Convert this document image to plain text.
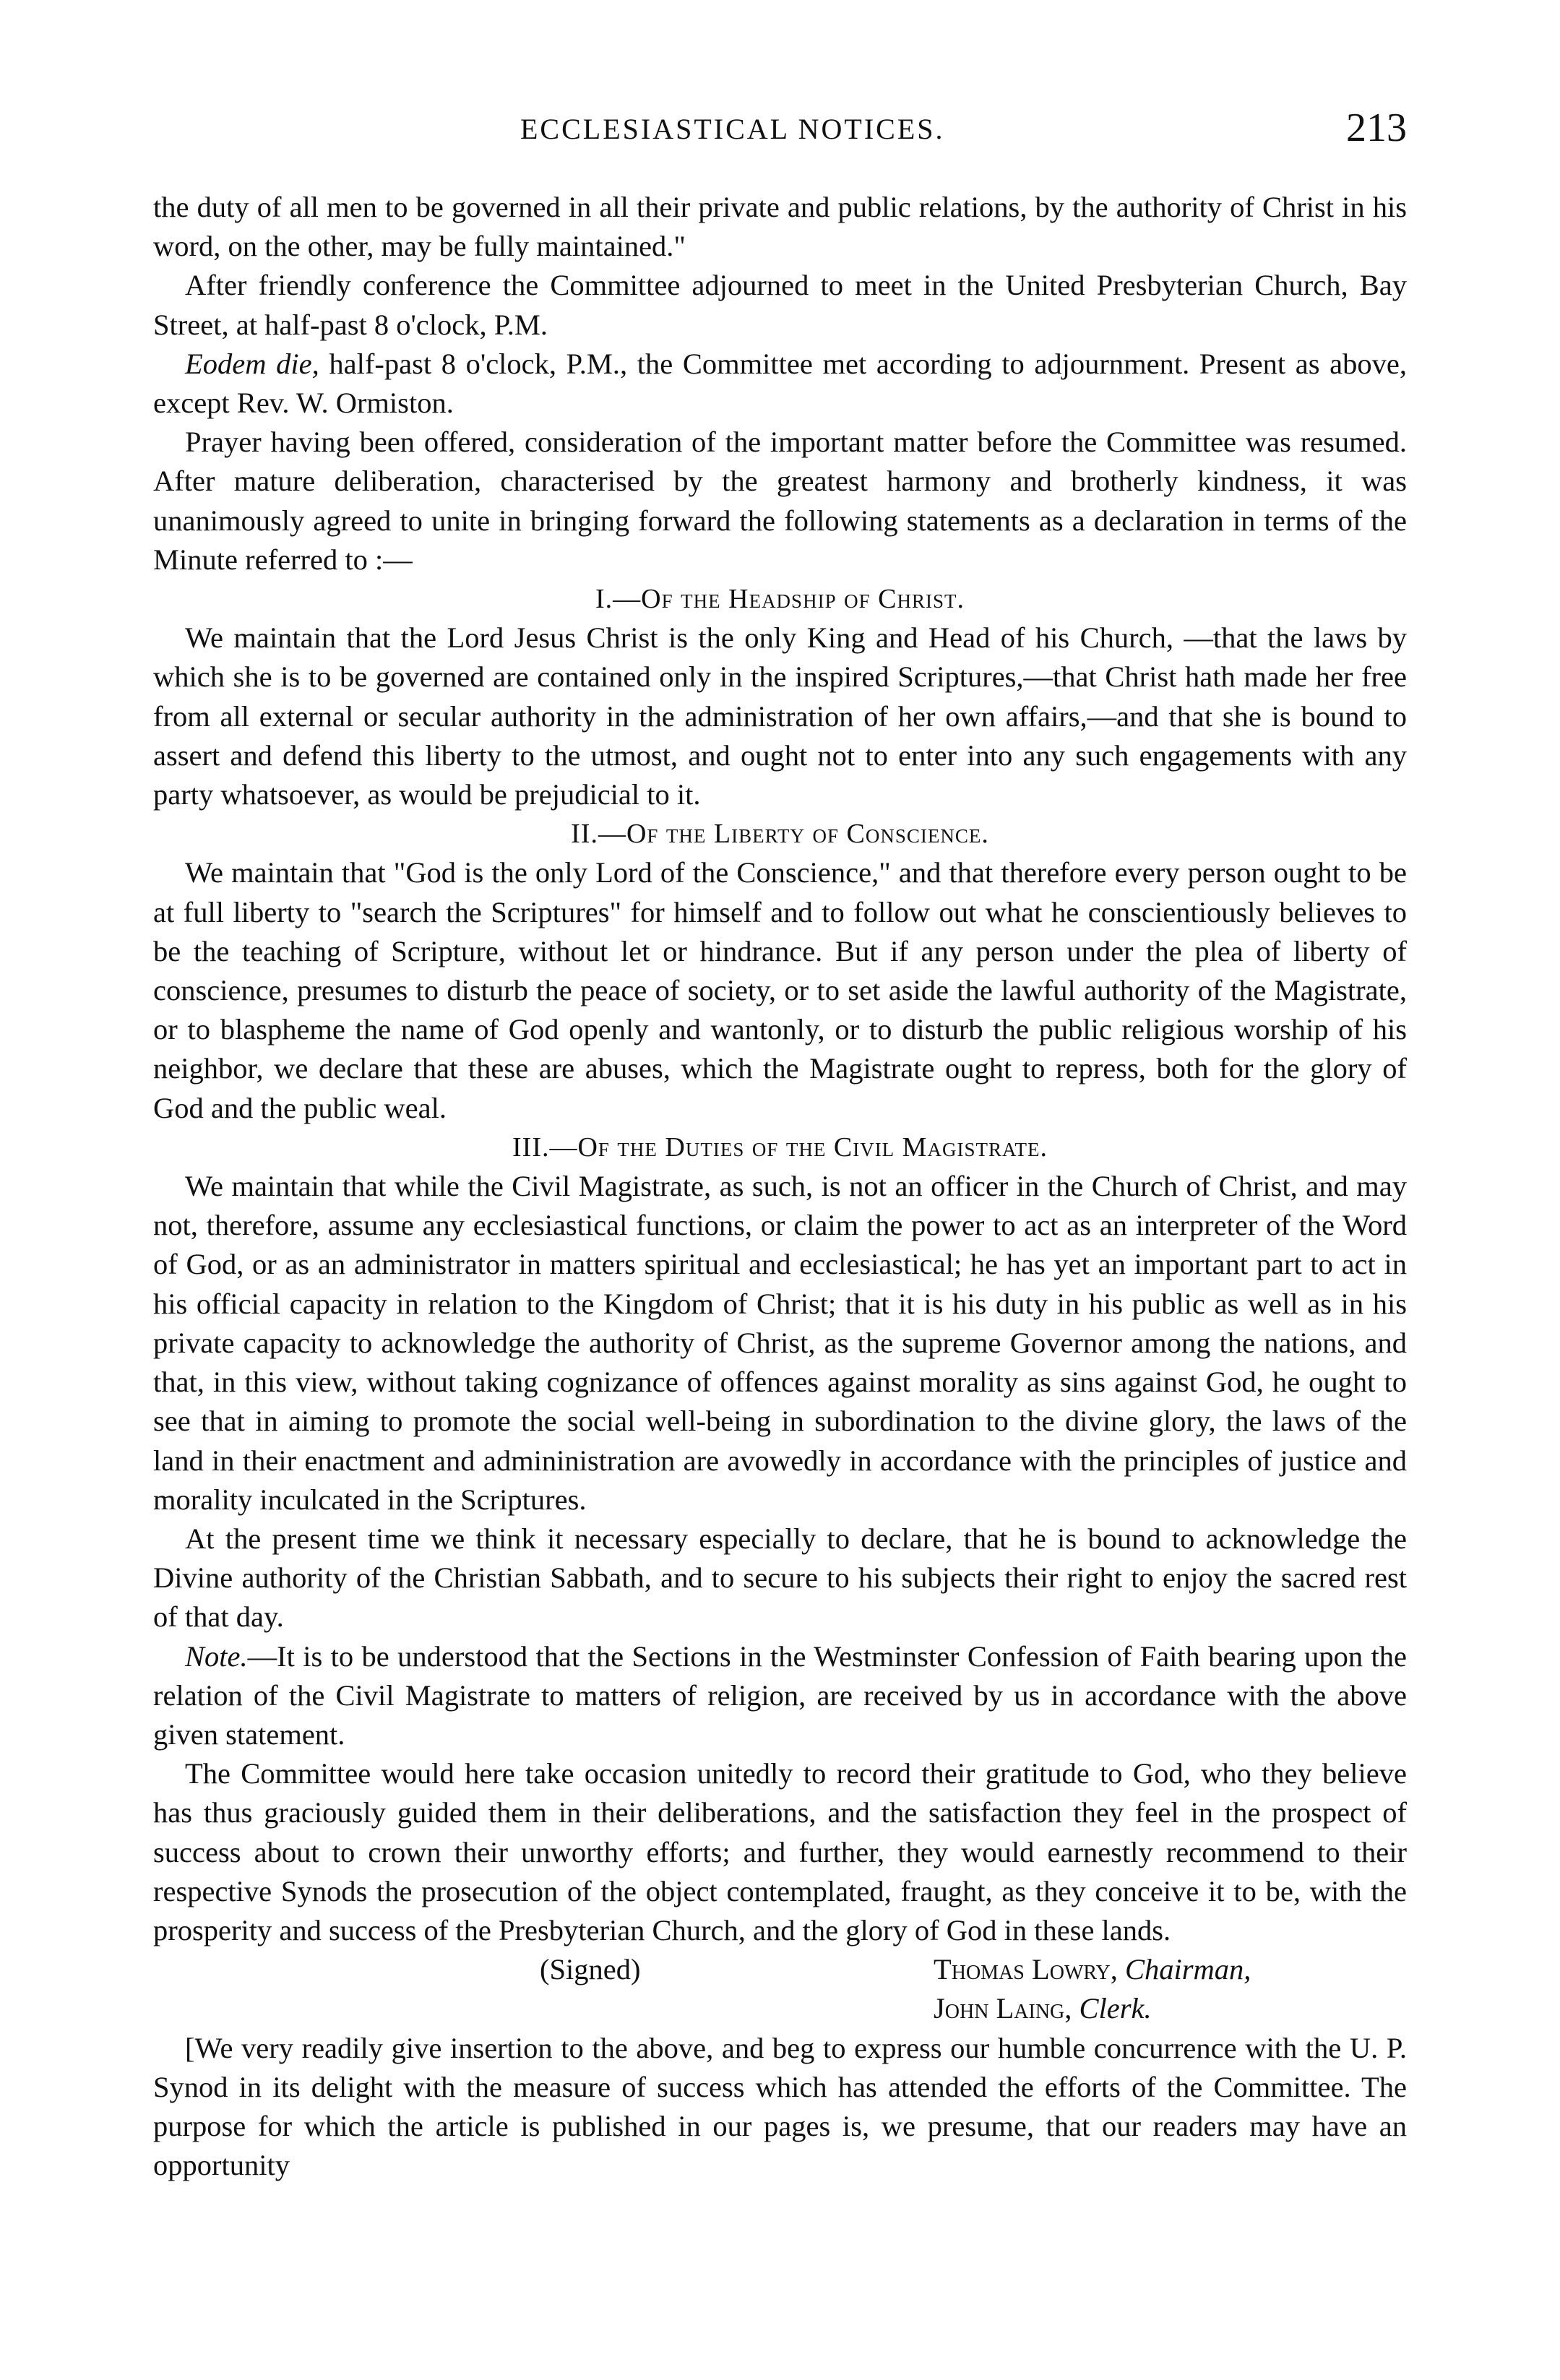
ECCLESIASTICAL NOTICES.	213

the duty of all men to be governed in all their private and public relations, by the authority of Christ in his word, on the other, may be fully maintained."

After friendly conference the Committee adjourned to meet in the United Presbyterian Church, Bay Street, at half-past 8 o'clock, P.M.

Eodem die, half-past 8 o'clock, P.M., the Committee met according to adjournment. Present as above, except Rev. W. Ormiston.

Prayer having been offered, consideration of the important matter before the Committee was resumed. After mature deliberation, characterised by the greatest harmony and brotherly kindness, it was unanimously agreed to unite in bringing forward the following statements as a declaration in terms of the Minute referred to :—

I.—Of the Headship of Christ.

We maintain that the Lord Jesus Christ is the only King and Head of his Church, —that the laws by which she is to be governed are contained only in the inspired Scriptures,—that Christ hath made her free from all external or secular authority in the administration of her own affairs,—and that she is bound to assert and defend this liberty to the utmost, and ought not to enter into any such engagements with any party whatsoever, as would be prejudicial to it.

II.—Of the Liberty of Conscience.

We maintain that "God is the only Lord of the Conscience," and that therefore every person ought to be at full liberty to "search the Scriptures" for himself and to follow out what he conscientiously believes to be the teaching of Scripture, without let or hindrance. But if any person under the plea of liberty of conscience, presumes to disturb the peace of society, or to set aside the lawful authority of the Magistrate, or to blaspheme the name of God openly and wantonly, or to disturb the public religious worship of his neighbor, we declare that these are abuses, which the Magistrate ought to repress, both for the glory of God and the public weal.

III.—Of the Duties of the Civil Magistrate.

We maintain that while the Civil Magistrate, as such, is not an officer in the Church of Christ, and may not, therefore, assume any ecclesiastical functions, or claim the power to act as an interpreter of the Word of God, or as an administrator in matters spiritual and ecclesiastical; he has yet an important part to act in his official capacity in relation to the Kingdom of Christ; that it is his duty in his public as well as in his private capacity to acknowledge the authority of Christ, as the supreme Governor among the nations, and that, in this view, without taking cognizance of offences against morality as sins against God, he ought to see that in aiming to promote the social well-being in subordination to the divine glory, the laws of the land in their enactment and admininistration are avowedly in accordance with the principles of justice and morality inculcated in the Scriptures.

At the present time we think it necessary especially to declare, that he is bound to acknowledge the Divine authority of the Christian Sabbath, and to secure to his subjects their right to enjoy the sacred rest of that day.

Note.—It is to be understood that the Sections in the Westminster Confession of Faith bearing upon the relation of the Civil Magistrate to matters of religion, are received by us in accordance with the above given statement.

The Committee would here take occasion unitedly to record their gratitude to God, who they believe has thus graciously guided them in their deliberations, and the satisfaction they feel in the prospect of success about to crown their unworthy efforts; and further, they would earnestly recommend to their respective Synods the prosecution of the object contemplated, fraught, as they conceive it to be, with the prosperity and success of the Presbyterian Church, and the glory of God in these lands.

(Signed)	Thomas Lowry, Chairman,
John Laing, Clerk.

[We very readily give insertion to the above, and beg to express our humble concurrence with the U. P. Synod in its delight with the measure of success which has attended the efforts of the Committee. The purpose for which the article is published in our pages is, we presume, that our readers may have an opportunity
